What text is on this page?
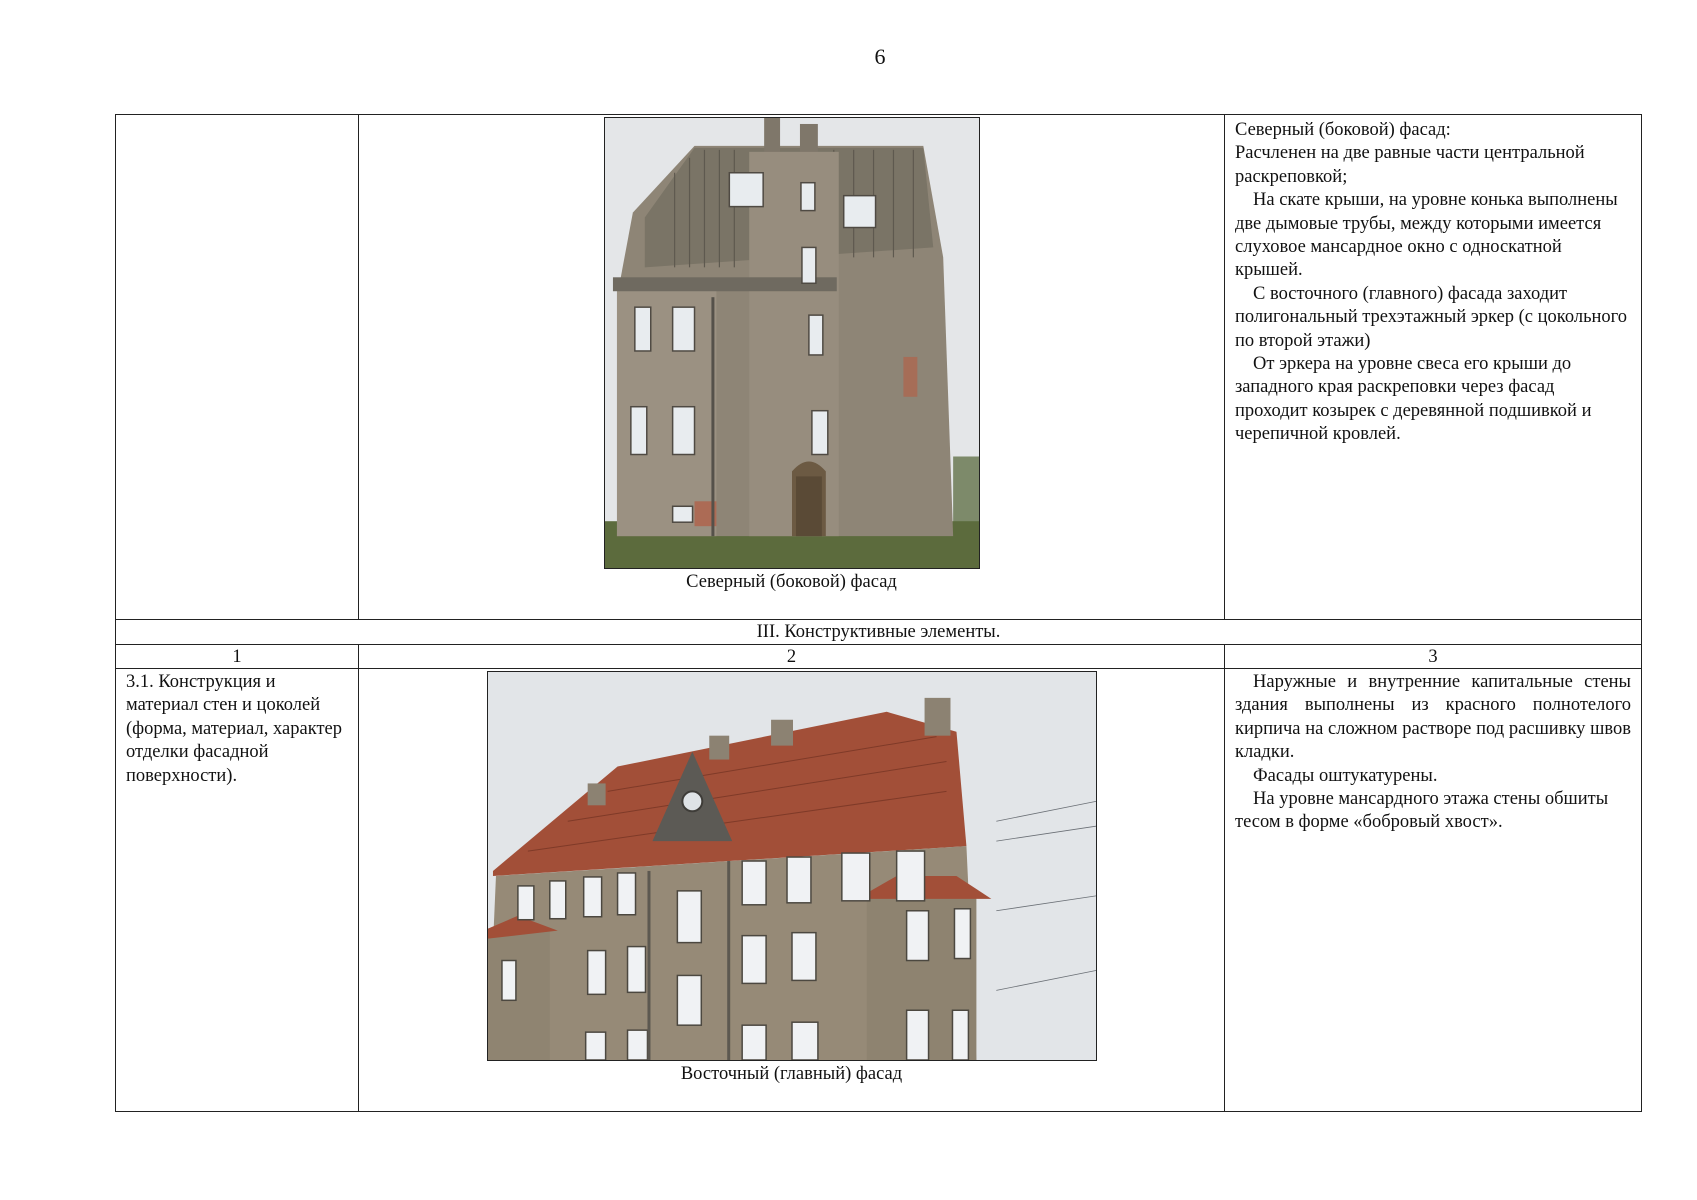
6

	Северный (боковой) фасад	Северный (боковой) фасад:

Расчленен на две равные части центральной раскреповкой;

На скате крыши, на уровне конька выполнены две дымовые трубы, между которыми имеется слуховое мансардное окно с односкатной крышей.

С восточного (главного) фасада заходит полигональный трехэтажный эркер (с цокольного по второй этажи)

От эркера на уровне свеса его крыши до западного края раскреповки через фасад проходит козырек с деревянной подшивкой и черепичной кровлей.

III. Конструктивные элементы.		
1	2	3
3.1. Конструкция и материал стен и цоколей (форма, материал, характер отделки фасадной поверхности).	Восточный (главный) фасад	Наружные и внутренние капитальные стены здания выполнены из красного полнотелого кирпича на сложном растворе под расшивку швов кладки.

Фасады оштукатурены.

На уровне мансардного этажа стены обшиты тесом в форме «бобровый хвост».
